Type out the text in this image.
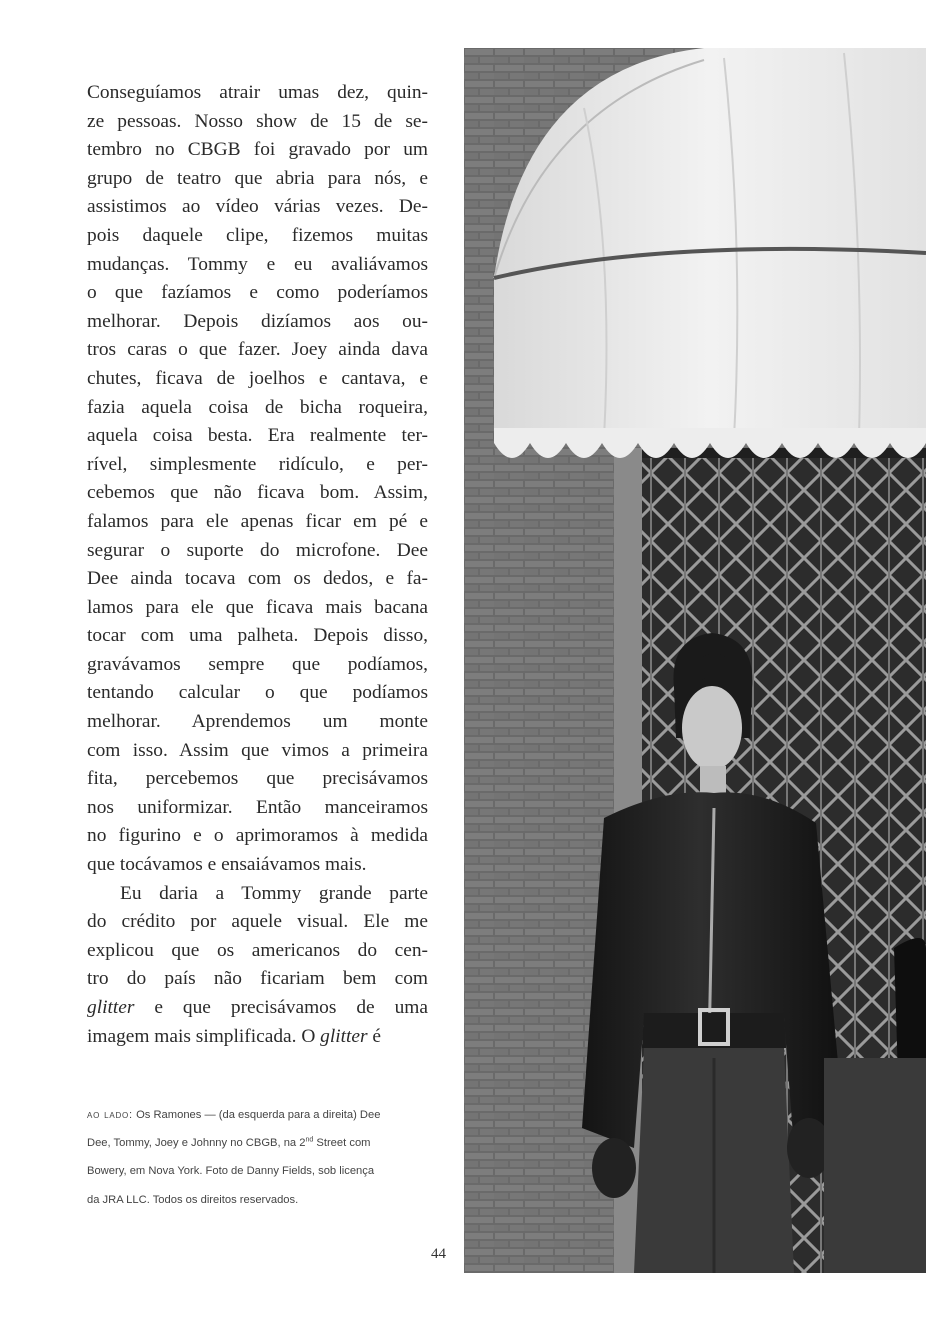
Conseguíamos atrair umas dez, quin-

ze pessoas. Nosso show de 15 de se-

tembro no CBGB foi gravado por um

grupo de teatro que abria para nós, e

assistimos ao vídeo várias vezes. De-

pois daquele clipe, fizemos muitas

mudanças. Tommy e eu avaliávamos

o que fazíamos e como poderíamos

melhorar. Depois dizíamos aos ou-

tros caras o que fazer. Joey ainda dava

chutes, ficava de joelhos e cantava, e

fazia aquela coisa de bicha roqueira,

aquela coisa besta. Era realmente ter-

rível, simplesmente ridículo, e per-

cebemos que não ficava bom. Assim,

falamos para ele apenas ficar em pé e

segurar o suporte do microfone. Dee

Dee ainda tocava com os dedos, e fa-

lamos para ele que ficava mais bacana

tocar com uma palheta. Depois disso,

gravávamos sempre que podíamos,

tentando calcular o que podíamos

melhorar. Aprendemos um monte

com isso. Assim que vimos a primeira

fita, percebemos que precisávamos

nos uniformizar. Então manceiramos

no figurino e o aprimoramos à medida

que tocávamos e ensaiávamos mais.

Eu daria a Tommy grande parte

do crédito por aquele visual. Ele me

explicou que os americanos do cen-

tro do país não ficariam bem com

glitter e que precisávamos de uma

imagem mais simplificada. O glitter é

ao lado: Os Ramones — (da esquerda para a direita) Dee
Dee, Tommy, Joey e Johnny no CBGB, na 2nd Street com
Bowery, em Nova York. Foto de Danny Fields, sob licença
da JRA LLC. Todos os direitos reservados.
44
